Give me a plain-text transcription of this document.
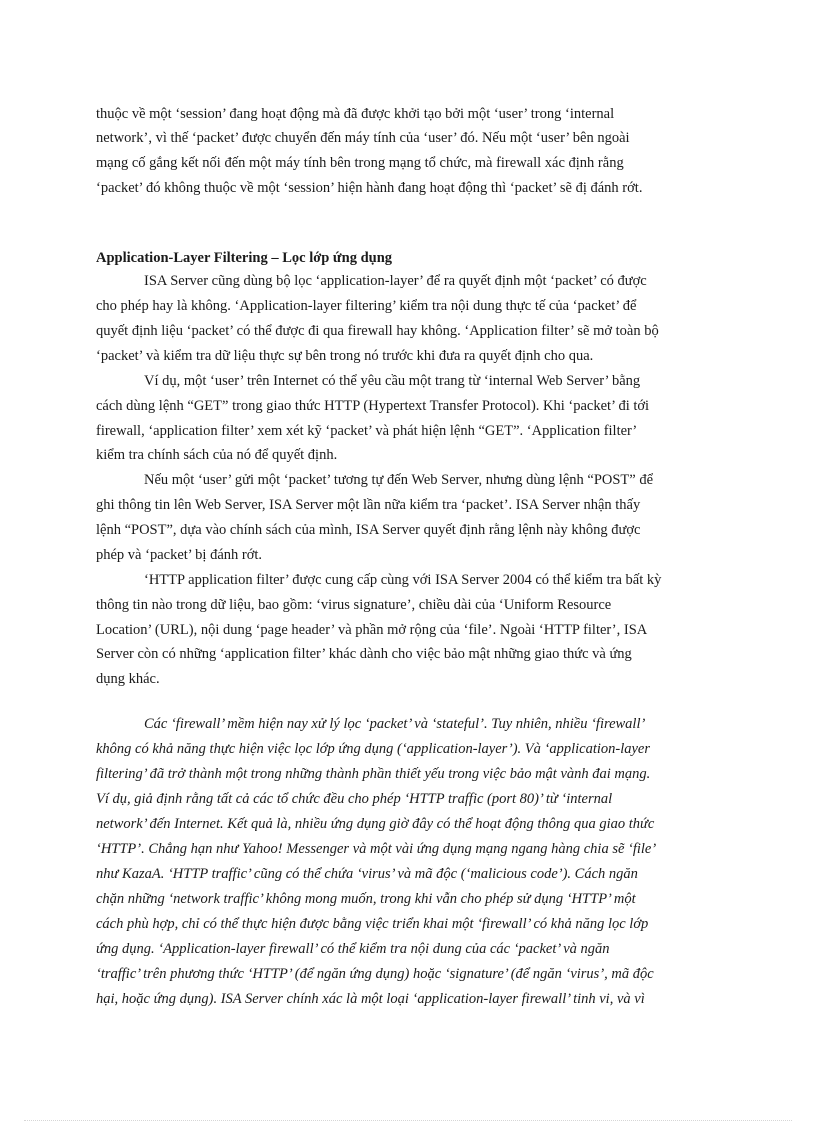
thuộc về một ‘session’ đang hoạt động mà đã được khởi tạo bởi một ‘user’ trong ‘internal
network’, vì thế ‘packet’ được chuyển đến máy tính của ‘user’ đó. Nếu một ‘user’ bên ngoài
mạng cố gắng kết nối đến một máy tính bên trong mạng tổ chức, mà firewall xác định rằng
‘packet’ đó không thuộc về một ‘session’ hiện hành đang hoạt động thì ‘packet’ sẽ đị đánh rớt.
Application-Layer Filtering – Lọc lớp ứng dụng
ISA Server cũng dùng bộ lọc ‘application-layer’ để ra quyết định một ‘packet’ có được
cho phép hay là không. ‘Application-layer filtering’ kiểm tra nội dung thực tế của ‘packet’ để
quyết định liệu ‘packet’ có thể được đi qua firewall hay không. ‘Application filter’ sẽ mở toàn bộ
‘packet’ và kiểm tra dữ liệu thực sự bên trong nó trước khi đưa ra quyết định cho qua.
Ví dụ, một ‘user’ trên Internet có thể yêu cầu một trang từ ‘internal Web Server’ bằng
cách dùng lệnh “GET” trong giao thức HTTP (Hypertext Transfer Protocol). Khi ‘packet’ đi tới
firewall, ‘application filter’ xem xét kỹ ‘packet’ và phát hiện lệnh “GET”. ‘Application filter’
kiểm tra chính sách của nó để quyết định.
Nếu một ‘user’ gửi một ‘packet’ tương tự đến Web Server, nhưng dùng lệnh “POST” để
ghi thông tin lên Web Server, ISA Server một lần nữa kiểm tra ‘packet’. ISA Server nhận thấy
lệnh “POST”, dựa vào chính sách của mình, ISA Server quyết định rằng lệnh này không được
phép và ‘packet’ bị đánh rớt.
‘HTTP application filter’ được cung cấp cùng với ISA Server 2004 có thể kiểm tra bất kỳ
thông tin nào trong dữ liệu, bao gồm: ‘virus signature’, chiều dài của ‘Uniform Resource
Location’ (URL), nội dung ‘page header’ và phần mở rộng của ‘file’. Ngoài ‘HTTP filter’, ISA
Server còn có những ‘application filter’ khác dành cho việc bảo mật những giao thức và ứng
dụng khác.
Các ‘firewall’ mềm hiện nay xử lý lọc ‘packet’ và ‘stateful’. Tuy nhiên, nhiều ‘firewall’
không có khả năng thực hiện việc lọc lớp ứng dụng (‘application-layer’). Và ‘application-layer
filtering’ đã trở thành một trong những thành phần thiết yếu trong việc bảo mật vành đai mạng.
Ví dụ, giả định rằng tất cả các tổ chức đều cho phép ‘HTTP traffic (port 80)’ từ ‘internal
network’ đến Internet. Kết quả là, nhiều ứng dụng giờ đây có thể hoạt động thông qua giao thức
‘HTTP’. Chẳng hạn như Yahoo! Messenger và một vài ứng dụng mạng ngang hàng chia sẽ ‘file’
như KazaA. ‘HTTP traffic’ cũng có thể chứa ‘virus’ và mã độc (‘malicious code’). Cách ngăn
chặn những ‘network traffic’ không mong muốn, trong khi vẫn cho phép sử dụng ‘HTTP’ một
cách phù hợp, chỉ có thể thực hiện được bằng việc triển khai một ‘firewall’ có khả năng lọc lớp
ứng dụng. ‘Application-layer firewall’ có thể kiểm tra nội dung của các ‘packet’ và ngăn
‘traffic’ trên phương thức ‘HTTP’ (để ngăn ứng dụng) hoặc ‘signature’ (để ngăn ‘virus’, mã độc
hại, hoặc ứng dụng). ISA Server chính xác là một loại ‘application-layer firewall’ tinh vi, và vì
